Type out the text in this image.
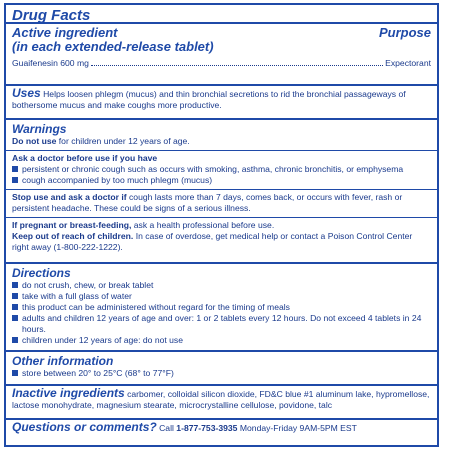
Drug Facts
Active ingredient	Purpose
(in each extended-release tablet)
Guaifenesin 600 mg	Expectorant
Uses Helps loosen phlegm (mucus) and thin bronchial secretions to rid the bronchial passageways of bothersome mucus and make coughs more productive.
Warnings
Do not use for children under 12 years of age.
Ask a doctor before use if you have
persistent or chronic cough such as occurs with smoking, asthma, chronic bronchitis, or emphysema
cough accompanied by too much phlegm (mucus)
Stop use and ask a doctor if cough lasts more than 7 days, comes back, or occurs with fever, rash or persistent headache. These could be signs of a serious illness.
If pregnant or breast-feeding, ask a health professional before use.
Keep out of reach of children. In case of overdose, get medical help or contact a Poison Control Center right away (1-800-222-1222).
Directions
do not crush, chew, or break tablet
take with a full glass of water
this product can be administered without regard for the timing of meals
adults and children 12 years of age and over: 1 or 2 tablets every 12 hours. Do not exceed 4 tablets in 24 hours.
children under 12 years of age: do not use
Other information
store between 20° to 25°C (68° to 77°F)
Inactive ingredients carbomer, colloidal silicon dioxide, FD&C blue #1 aluminum lake, hypromellose, lactose monohydrate, magnesium stearate, microcrystalline cellulose, povidone, talc
Questions or comments? Call 1-877-753-3935 Monday-Friday 9AM-5PM EST
